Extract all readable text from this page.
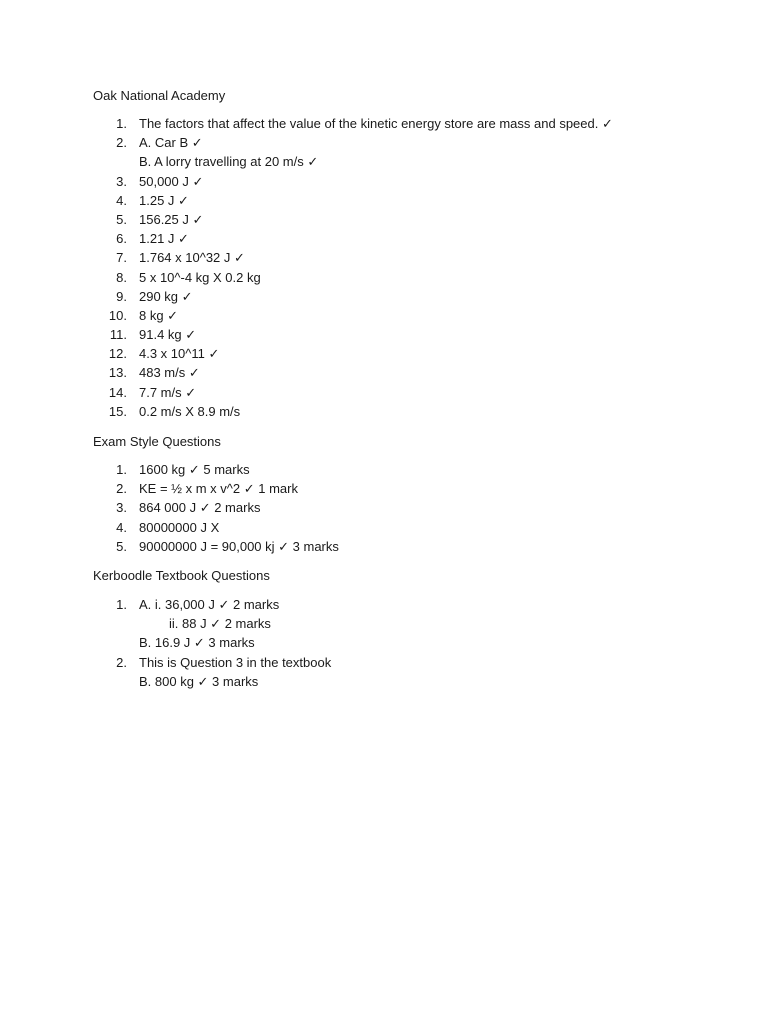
Oak National Academy
1. The factors that affect the value of the kinetic energy store are mass and speed. ✓
2. A. Car B ✓
B. A lorry travelling at 20 m/s ✓
3. 50,000 J ✓
4. 1.25 J ✓
5. 156.25 J ✓
6. 1.21 J ✓
7. 1.764 x 10^32 J ✓
8. 5 x 10^-4 kg X 0.2 kg
9. 290 kg ✓
10. 8 kg ✓
11. 91.4 kg ✓
12. 4.3 x 10^11 ✓
13. 483 m/s ✓
14. 7.7 m/s ✓
15. 0.2 m/s X 8.9 m/s
Exam Style Questions
1. 1600 kg ✓ 5 marks
2. KE = ½ x m x v^2 ✓ 1 mark
3. 864 000 J ✓ 2 marks
4. 80000000 J X
5. 90000000 J = 90,000 kj ✓ 3 marks
Kerboodle Textbook Questions
1. A. i. 36,000 J ✓ 2 marks
ii. 88 J ✓ 2 marks
B. 16.9 J ✓ 3 marks
2. This is Question 3 in the textbook
B. 800 kg ✓ 3 marks
